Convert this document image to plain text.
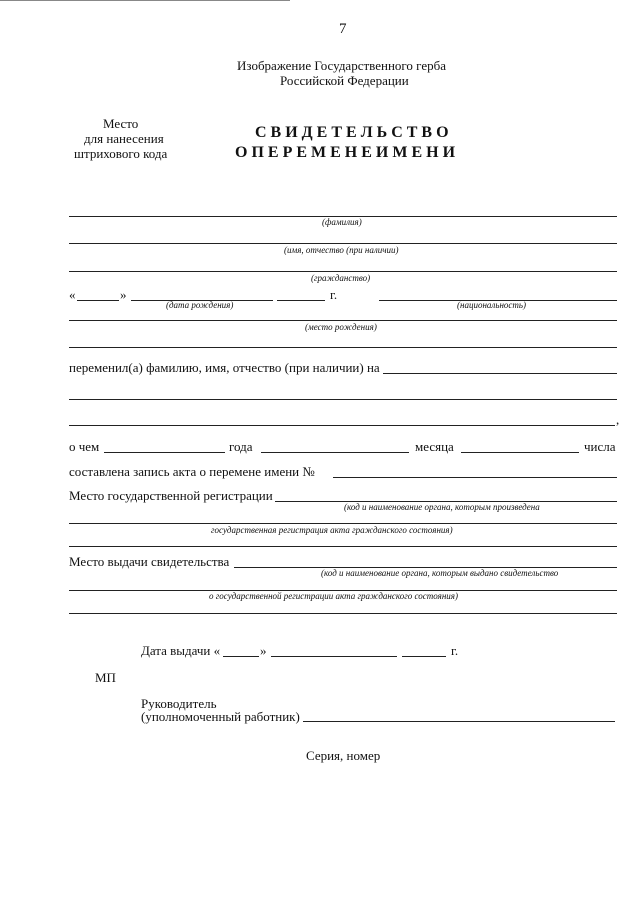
7
Изображение Государственного герба
Российской Федерации
Место
для нанесения
штрихового кода
С В И Д Е Т Е Л Ь С Т В О
О П Е Р Е М Е Н Е И М Е Н И
(фамилия)
(имя, отчество (при наличии)
(гражданство)
«	»	г.
(дата рождения)	(национальность)
(место рождения)
переменил(а) фамилию, имя, отчество (при наличии) на
,
о чем	года	месяца	числа
составлена запись акта о перемене имени №
Место государственной регистрации
(код и наименование органа, которым произведена
государственная регистрация акта гражданского состояния)
Место выдачи свидетельства
(код и наименование органа, которым выдано свидетельство
о государственной регистрации акта гражданского состояния)
Дата выдачи «	»	г.
МП
Руководитель
(уполномоченный работник)
Серия, номер
